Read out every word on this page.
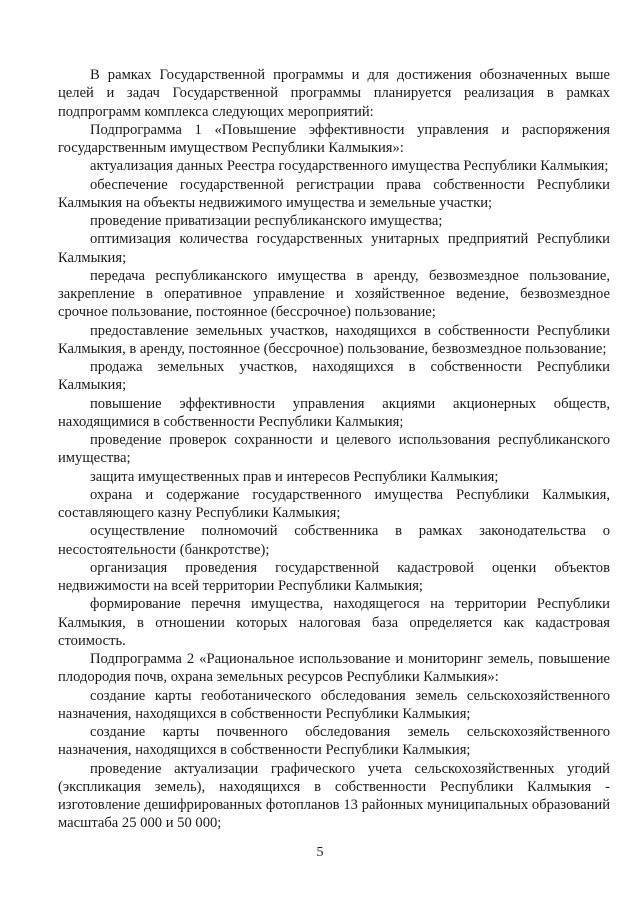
В рамках Государственной программы и для достижения обозначенных выше целей и задач Государственной программы планируется реализация в рамках подпрограмм комплекса следующих мероприятий:

Подпрограмма 1 «Повышение эффективности управления и распоряжения государственным имуществом Республики Калмыкия»:

актуализация данных Реестра государственного имущества Республики Калмыкия;

обеспечение государственной регистрации права собственности Республики Калмыкия на объекты недвижимого имущества и земельные участки;

проведение приватизации республиканского имущества;

оптимизация количества государственных унитарных предприятий Республики Калмыкия;

передача республиканского имущества в аренду, безвозмездное пользование, закрепление в оперативное управление и хозяйственное ведение, безвозмездное срочное пользование, постоянное (бессрочное) пользование;

предоставление земельных участков, находящихся в собственности Республики Калмыкия, в аренду, постоянное (бессрочное) пользование, безвозмездное пользование;

продажа земельных участков, находящихся в собственности Республики Калмыкия;

повышение эффективности управления акциями акционерных обществ, находящимися в собственности Республики Калмыкия;

проведение проверок сохранности и целевого использования республиканского имущества;

защита имущественных прав и интересов Республики Калмыкия;

охрана и содержание государственного имущества Республики Калмыкия, составляющего казну Республики Калмыкия;

осуществление полномочий собственника в рамках законодательства о несостоятельности (банкротстве);

организация проведения государственной кадастровой оценки объектов недвижимости на всей территории Республики Калмыкия;

формирование перечня имущества, находящегося на территории Республики Калмыкия, в отношении которых налоговая база определяется как кадастровая стоимость.

Подпрограмма 2 «Рациональное использование и мониторинг земель, повышение плодородия почв, охрана земельных ресурсов Республики Калмыкия»:

создание карты геоботанического обследования земель сельскохозяйственного назначения, находящихся в собственности Республики Калмыкия;

создание карты почвенного обследования земель сельскохозяйственного назначения, находящихся в собственности Республики Калмыкия;

проведение актуализации графического учета сельскохозяйственных угодий (экспликация земель), находящихся в собственности Республики Калмыкия - изготовление дешифрированных фотопланов 13 районных муниципальных образований масштаба 25 000 и 50 000;

5
